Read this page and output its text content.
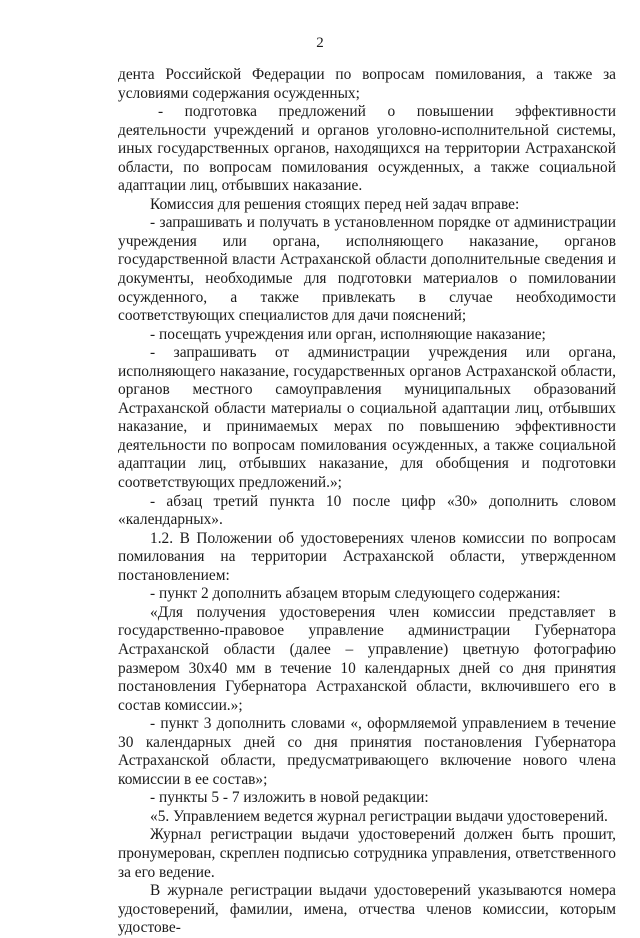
2

дента Российской Федерации по вопросам помилования, а также за условиями содержания осужденных;

- подготовка предложений о повышении эффективности деятельности учреждений и органов уголовно-исполнительной системы, иных государственных органов, находящихся на территории Астраханской области, по вопросам помилования осужденных, а также социальной адаптации лиц, отбывших наказание.

Комиссия для решения стоящих перед ней задач вправе:

- запрашивать и получать в установленном порядке от администрации учреждения или органа, исполняющего наказание, органов государственной власти Астраханской области дополнительные сведения и документы, необходимые для подготовки материалов о помиловании осужденного, а также привлекать в случае необходимости соответствующих специалистов для дачи пояснений;

- посещать учреждения или орган, исполняющие наказание;

- запрашивать от администрации учреждения или органа, исполняющего наказание, государственных органов Астраханской области, органов местного самоуправления муниципальных образований Астраханской области материалы о социальной адаптации лиц, отбывших наказание, и принимаемых мерах по повышению эффективности деятельности по вопросам помилования осужденных, а также социальной адаптации лиц, отбывших наказание, для обобщения и подготовки соответствующих предложений.»;

- абзац третий пункта 10 после цифр «30» дополнить словом «календарных».

1.2. В Положении об удостоверениях членов комиссии по вопросам помилования на территории Астраханской области, утвержденном постановлением:

- пункт 2 дополнить абзацем вторым следующего содержания:

«Для получения удостоверения член комиссии представляет в государственно-правовое управление администрации Губернатора Астраханской области (далее – управление) цветную фотографию размером 30х40 мм в течение 10 календарных дней со дня принятия постановления Губернатора Астраханской области, включившего его в состав комиссии.»;

- пункт 3 дополнить словами «, оформляемой управлением в течение 30 календарных дней со дня принятия постановления Губернатора Астраханской области, предусматривающего включение нового члена комиссии в ее состав»;

- пункты 5 - 7 изложить в новой редакции:

«5. Управлением ведется журнал регистрации выдачи удостоверений.

Журнал регистрации выдачи удостоверений должен быть прошит, пронумерован, скреплен подписью сотрудника управления, ответственного за его ведение.

В журнале регистрации выдачи удостоверений указываются номера удостоверений, фамилии, имена, отчества членов комиссии, которым удостове-
